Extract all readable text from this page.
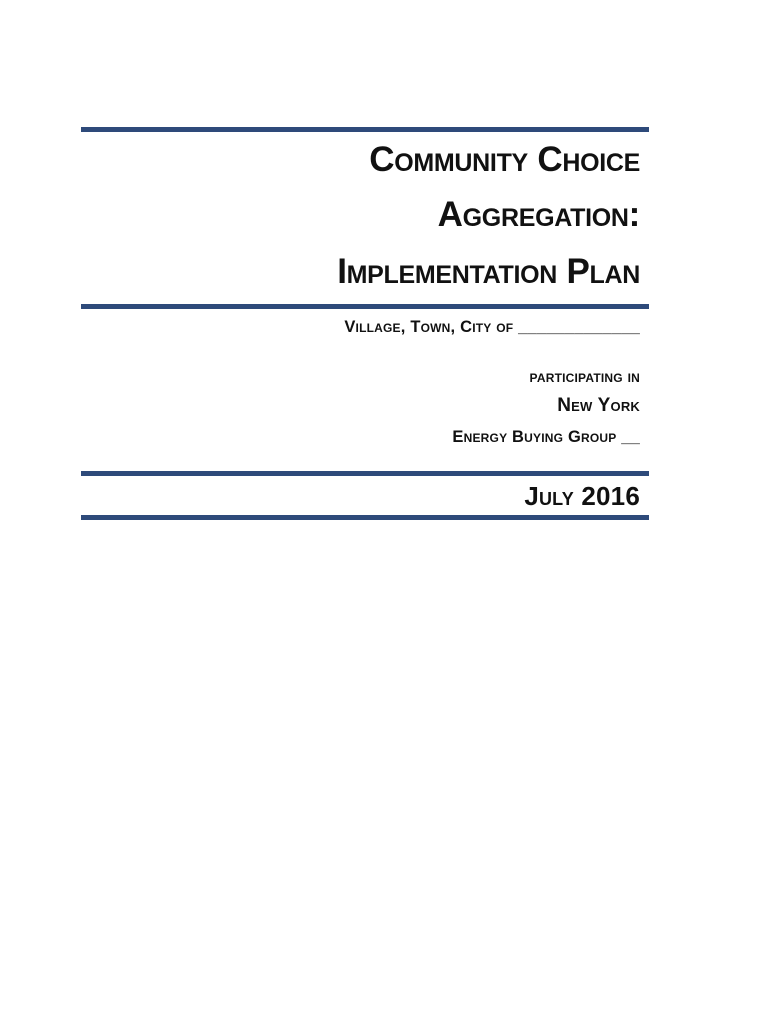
Community Choice
Aggregation:
Implementation Plan
Village, Town, City of _____________
participating in
New York
Energy Buying Group __
July 2016
